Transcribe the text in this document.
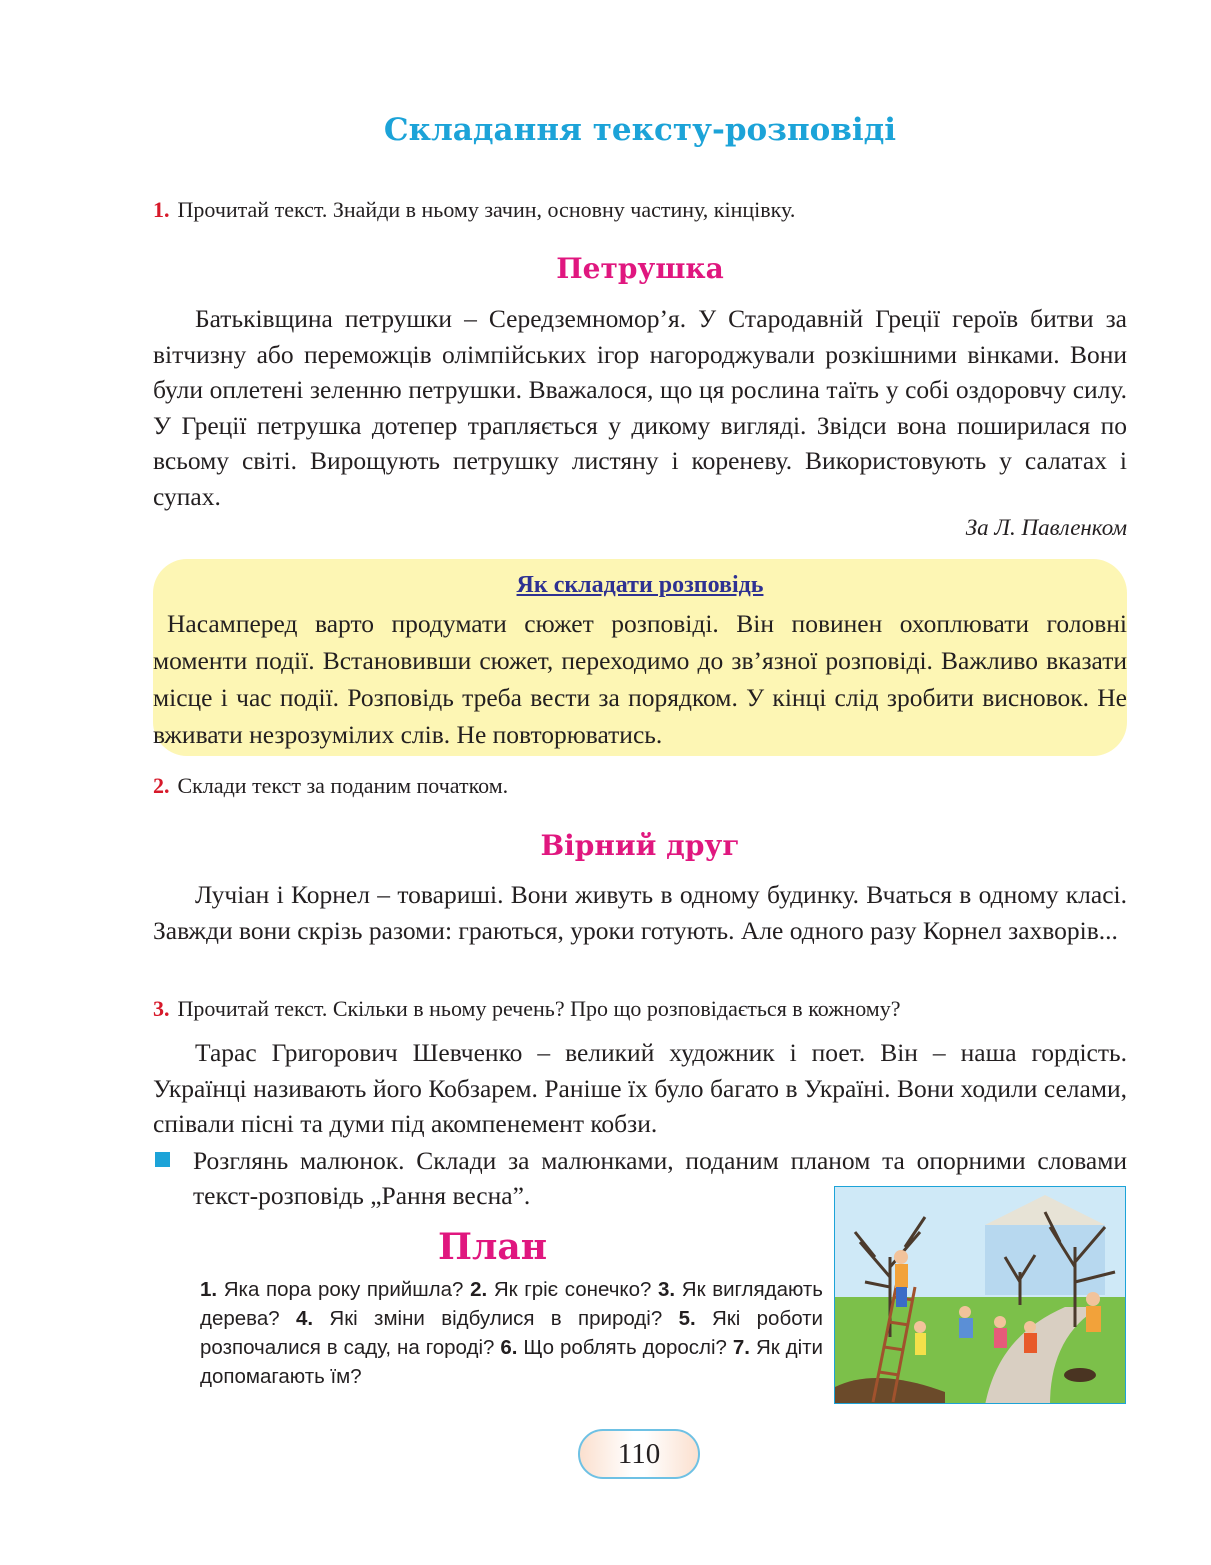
Складання тексту-розповіді
1. Прочитай текст. Знайди в ньому зачин, основну частину, кінцівку.
Петрушка
Батьківщина петрушки – Середземномор’я. У Стародавній Греції героїв битви за вітчизну або переможців олімпійських ігор нагороджували розкішними вінками. Вони були оплетені зеленню петрушки. Вважалося, що ця рослина таїть у собі оздоровчу силу. У Греції петрушка дотепер трапляється у дикому вигляді. Звідси вона поширилася по всьому світі. Вирощують петрушку листяну і кореневу. Використовують у салатах і супах.
За Л. Павленком
Як складати розповідь
Насамперед варто продумати сюжет розповіді. Він повинен охоплювати головні моменти події. Встановивши сюжет, переходимо до зв’язної розповіді. Важливо вказати місце і час події. Розповідь треба вести за порядком. У кінці слід зробити висновок. Не вживати незрозумілих слів. Не повторюватись.
2. Склади текст за поданим початком.
Вірний друг
Лучіан і Корнел – товариші. Вони живуть в одному будинку. Вчаться в одному класі. Завжди вони скрізь разоми: граються, уроки готують. Але одного разу Корнел захворів...
3. Прочитай текст. Скільки в ньому речень? Про що розповідається в кожному?
Тарас Григорович Шевченко – великий художник і поет. Він – наша гордість. Українці називають його Кобзарем. Раніше їх було багато в Україні. Вони ходили селами, співали пісні та думи під акомпенемент кобзи.
Розглянь малюнок. Склади за малюнками, поданим планом та опорними словами текст-розповідь „Рання весна”.
План
1. Яка пора року прийшла? 2. Як гріє сонечко? 3. Як виглядають дерева? 4. Які зміни відбулися в природі? 5. Які роботи розпочалися в саду, на городі? 6. Що роблять дорослі? 7. Як діти допомагають їм?
110
